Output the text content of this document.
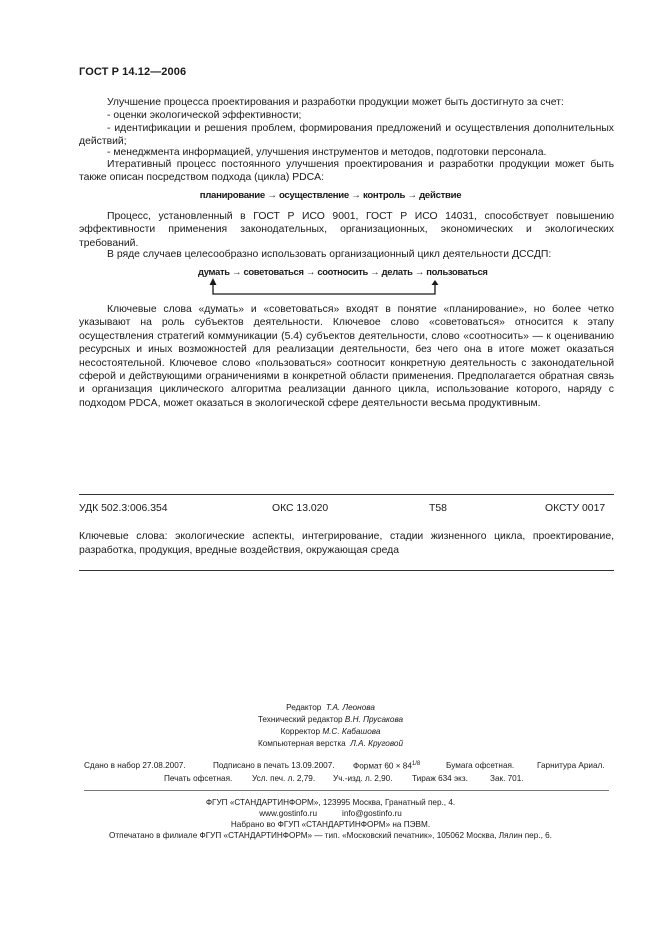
ГОСТ Р 14.12—2006

Улучшение процесса проектирования и разработки продукции может быть достигнуто за счет:

- оценки экологической эффективности;

- идентификации и решения проблем, формирования предложений и осуществления дополнительных действий;

- менеджмента информацией, улучшения инструментов и методов, подготовки персонала.

Итеративный процесс постоянного улучшения проектирования и разработки продукции может быть также описан посредством подхода (цикла) PDCA:

планирование → осуществление → контроль → действие

Процесс, установленный в ГОСТ Р ИСО 9001, ГОСТ Р ИСО 14031, способствует повышению эффективности применения законодательных, организационных, экономических и экологических требований.

В ряде случаев целесообразно использовать организационный цикл деятельности ДССДП:

думать → советоваться → соотносить → делать → пользоваться

Ключевые слова «думать» и «советоваться» входят в понятие «планирование», но более четко указывают на роль субъектов деятельности. Ключевое слово «советоваться» относится к этапу осуществления стратегий коммуникации (5.4) субъектов деятельности, слово «соотносить» — к оцениванию ресурсных и иных возможностей для реализации деятельности, без чего она в итоге может оказаться несостоятельной. Ключевое слово «пользоваться» соотносит конкретную деятельность с законодательной сферой и действующими ограничениями в конкретной области применения. Предполагается обратная связь и организация циклического алгоритма реализации данного цикла, использование которого, наряду с подходом PDCA, может оказаться в экологической сфере деятельности весьма продуктивным.

УДК 502.3:006.354	ОКС 13.020	Т58	ОКСТУ 0017

Ключевые слова: экологические аспекты, интегрирование, стадии жизненного цикла, проектирование, разработка, продукция, вредные воздействия, окружающая среда

Редактор Т.А. Леонова
Технический редактор В.Н. Прусакова
Корректор М.С. Кабашова
Компьютерная верстка Л.А. Круговой
Сдано в набор 27.08.2007.	Подписано в печать 13.09.2007. Формат $60 \times 84^{1/8}$	Бумага офсетная.	Гарнитура Ариал.
Печать офсетная. Усл. печ. л. 2,79. Уч.-изд. л. 2,90. Тираж 634 экз.	Зак. 701.
ФГУП «СТАНДАРТИНФОРМ», 123995 Москва, Гранатный пер., 4.
www.gostinfo.ru	info@gostinfo.ru
Набрано во ФГУП «СТАНДАРТИНФОРМ» на ПЭВМ.
Отпечатано в филиале ФГУП «СТАНДАРТИНФОРМ» — тип. «Московский печатник», 105062 Москва, Лялин пер., 6.
